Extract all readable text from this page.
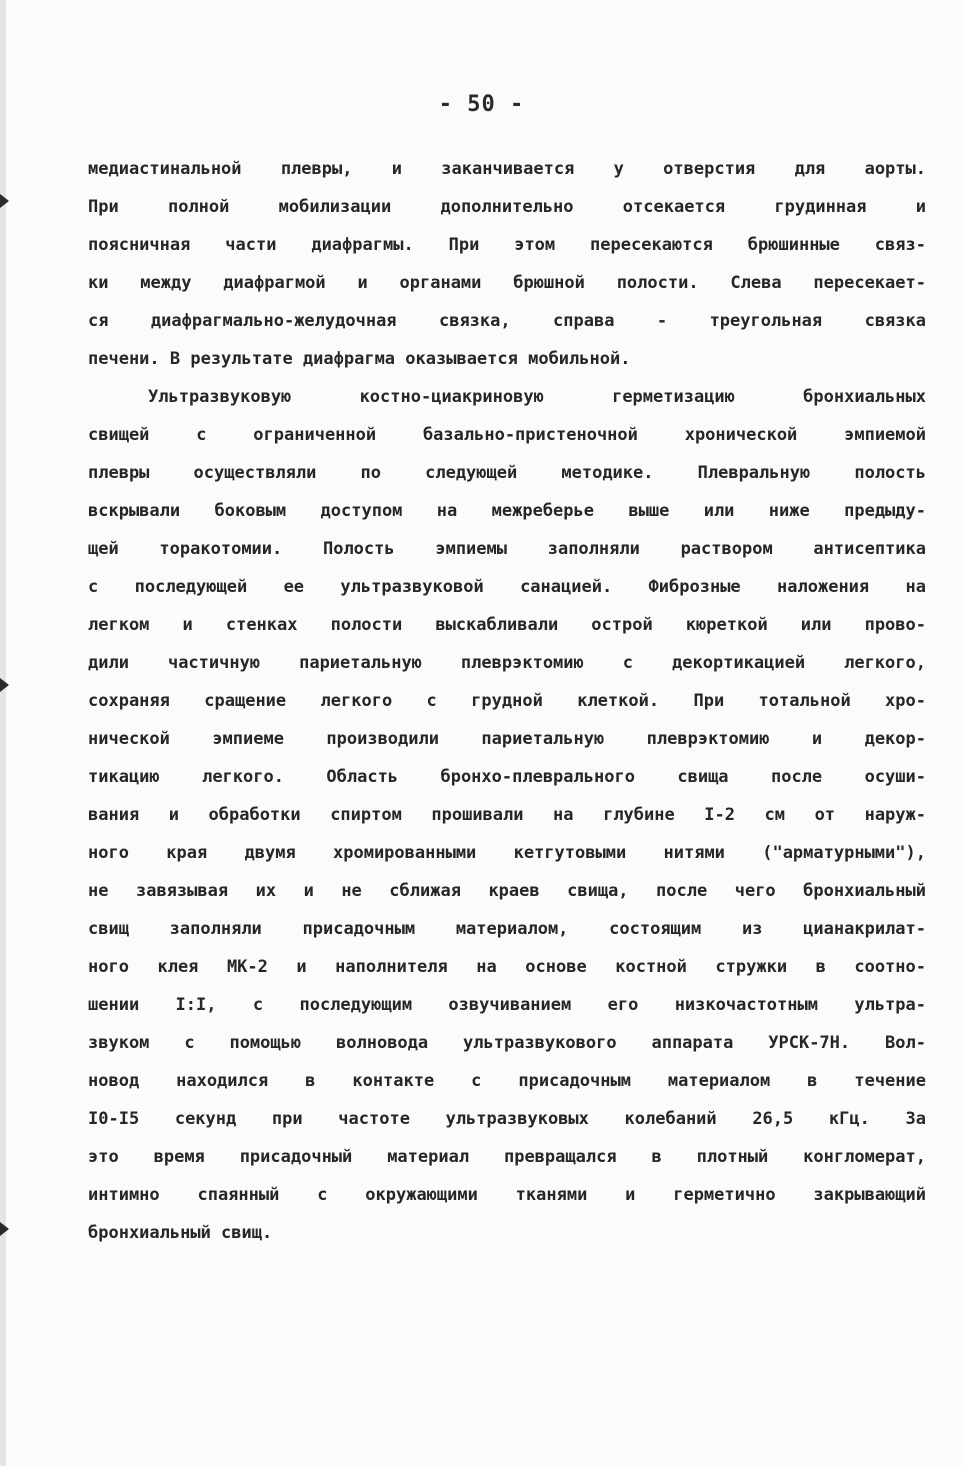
- 50 -
медиастинальной плевры, и заканчивается у отверстия для аорты.
При полной мобилизации дополнительно отсекается грудинная и
поясничная части диафрагмы. При этом пересекаются брюшинные связ-
ки между диафрагмой и органами брюшной полости. Слева пересекает-
ся диафрагмально-желудочная связка, справа - треугольная связка
печени. В результате диафрагма оказывается мобильной.
Ультразвуковую костно-циакриновую герметизацию бронхиальных
свищей с ограниченной базально-пристеночной хронической эмпиемой
плевры осуществляли по следующей методике. Плевральную полость
вскрывали боковым доступом на межреберье выше или ниже предыду-
щей торакотомии. Полость эмпиемы заполняли раствором антисептика
с последующей ее ультразвуковой санацией. Фиброзные наложения на
легком и стенках полости выскабливали острой кюреткой или прово-
дили частичную париетальную плеврэктомию с декортикацией легкого,
сохраняя сращение легкого с грудной клеткой. При тотальной хро-
нической эмпиеме производили париетальную плеврэктомию и декор-
тикацию легкого. Область бронхо-плеврального свища после осуши-
вания и обработки спиртом прошивали на глубине I-2 см от наруж-
ного края двумя хромированными кетгутовыми нитями ("арматурными"),
не завязывая их и не сближая краев свища, после чего бронхиальный
свищ заполняли присадочным материалом, состоящим из цианакрилат-
ного клея МК-2 и наполнителя на основе костной стружки в соотно-
шении I:I, с последующим озвучиванием его низкочастотным ультра-
звуком с помощью волновода ультразвукового аппарата УРСК-7Н. Вол-
новод находился в контакте с присадочным материалом в течение
I0-I5 секунд при частоте ультразвуковых колебаний 26,5 кГц. За
это время присадочный материал превращался в плотный конгломерат,
интимно спаянный с окружающими тканями и герметично закрывающий
бронхиальный свищ.
